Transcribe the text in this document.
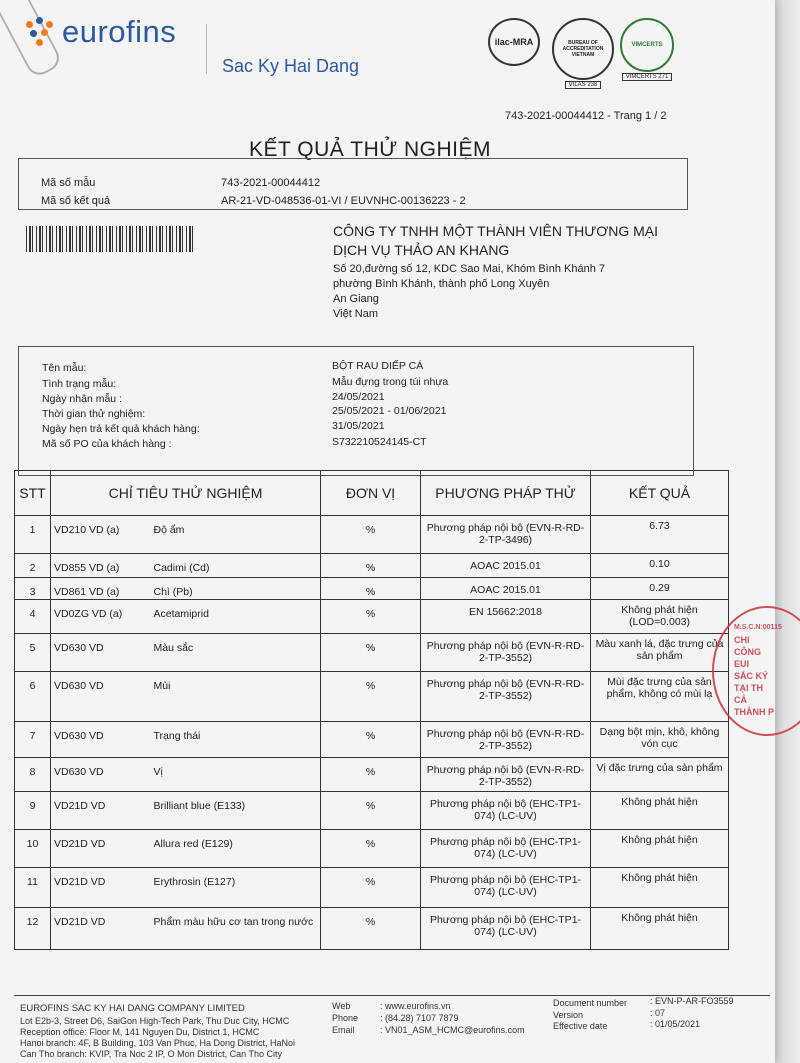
eurofins
Sac Ky Hai Dang
ilac-MRA	BUREAU OF ACCREDITATION VIETNAM
VILAS 238
VIMCERTS
VIMCERTS 271
743-2021-00044412 - Trang 1 / 2
KẾT QUẢ THỬ NGHIỆM
Mã số mẫu	743-2021-00044412
Mã số kết quả	AR-21-VD-048536-01-VI / EUVNHC-00136223 - 2
CÔNG TY TNHH MỘT THÀNH VIÊN THƯƠNG MẠI
DỊCH VỤ THẢO AN KHANG
Số 20,đường số 12, KDC Sao Mai, Khóm Bình Khánh 7
phường Bình Khánh, thành phố Long Xuyên
An Giang
Việt Nam
Tên mẫu:	BỘT RAU DIẾP CÁ
Tình trạng mẫu:	Mẫu đựng trong túi nhựa
Ngày nhận mẫu :	24/05/2021
Thời gian thử nghiệm:	25/05/2021 - 01/06/2021
Ngày hẹn trả kết quả khách hàng:	31/05/2021
Mã số PO của khách hàng :	S732210524145-CT
STT	CHỈ TIÊU THỬ NGHIỆM		ĐƠN VỊ	PHƯƠNG PHÁP THỬ	KẾT QUẢ
1	VD210 VD (a)	Độ ẩm	%	Phương pháp nội bộ (EVN-R-RD-2-TP-3496)	6.73
2	VD855 VD (a)	Cadimi (Cd)	%	AOAC 2015.01	0.10
3	VD861 VD (a)	Chì (Pb)	%	AOAC 2015.01	0.29
4	VD0ZG VD (a)	Acetamiprid	%	EN 15662:2018	Không phát hiện (LOD=0.003)
5	VD630 VD	Màu sắc	%	Phương pháp nội bộ (EVN-R-RD-2-TP-3552)	Màu xanh lá, đặc trưng của sản phẩm
6	VD630 VD	Mùi	%	Phương pháp nội bộ (EVN-R-RD-2-TP-3552)	Mùi đặc trưng của sản phẩm, không có mùi lạ
7	VD630 VD	Trạng thái	%	Phương pháp nội bộ (EVN-R-RD-2-TP-3552)	Dạng bột mịn, khô, không vón cục
8	VD630 VD	Vị	%	Phương pháp nội bộ (EVN-R-RD-2-TP-3552)	Vị đặc trưng của sản phẩm
9	VD21D VD	Brilliant blue (E133)	%	Phương pháp nội bộ (EHC-TP1-074) (LC-UV)	Không phát hiện
10	VD21D VD	Allura red (E129)	%	Phương pháp nội bộ (EHC-TP1-074) (LC-UV)	Không phát hiện
11	VD21D VD	Erythrosin (E127)	%	Phương pháp nội bộ (EHC-TP1-074) (LC-UV)	Không phát hiện
12	VD21D VD	Phẩm màu hữu cơ tan trong nước	%	Phương pháp nội bộ (EHC-TP1-074) (LC-UV)	Không phát hiện
M.S.C.N:00115
CHI
CÔNG
EUI
SẮC KÝ
TẠI TH
CẢ
THÀNH P
EUROFINS SAC KY HAI DANG COMPANY LIMITED
Lot E2b-3, Street D6, SaiGon High-Tech Park, Thu Duc City, HCMC
Reception office: Floor M, 141 Nguyen Du, District 1, HCMC
Hanoi branch: 4F, B Building, 103 Van Phuc, Ha Dong District, HaNoi
Can Tho branch: KVIP, Tra Noc 2 IP, O Mon District, Can Tho City
Web	: www.eurofins.vn
Phone : (84.28) 7107 7879
Email	: VN01_ASM_HCMC@eurofins.com
Document number	: EVN-P-AR-FO3559
Version	: 07
Effective date	: 01/05/2021
